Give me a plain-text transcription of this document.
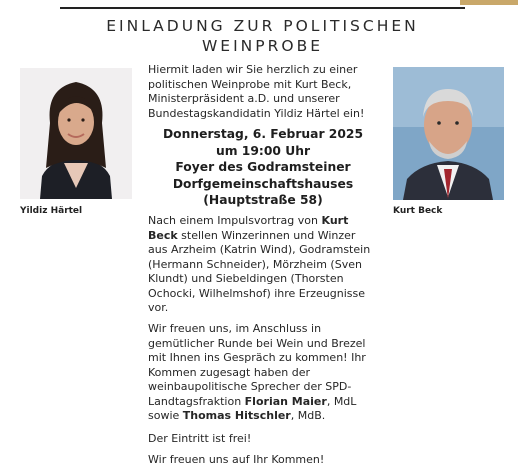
EINLADUNG ZUR POLITISCHEN
WEINPROBE
Yildiz Härtel	Kurt Beck

Hiermit laden wir Sie herzlich zu einer politischen Weinprobe mit Kurt Beck, Ministerpräsident a.D. und unserer Bundestagskandidatin Yildiz Härtel ein!

Donnerstag, 6. Februar 2025
um 19:00 Uhr
Foyer des Godramsteiner
Dorfgemeinschaftshauses
(Hauptstraße 58)

Nach einem Impulsvortrag von Kurt Beck stellen Winzerinnen und Winzer aus Arzheim (Katrin Wind), Godramstein (Hermann Schneider), Mörzheim (Sven Klundt) und Siebeldingen (Thorsten Ochocki, Wilhelmshof) ihre Erzeugnisse vor.

Wir freuen uns, im Anschluss in gemütlicher Runde bei Wein und Brezel mit Ihnen ins Gespräch zu kommen! Ihr Kommen zugesagt haben der weinbaupolitische Sprecher der SPD-Landtagsfraktion Florian Maier, MdL sowie Thomas Hitschler, MdB.

Der Eintritt ist frei!
Wir freuen uns auf Ihr Kommen!
